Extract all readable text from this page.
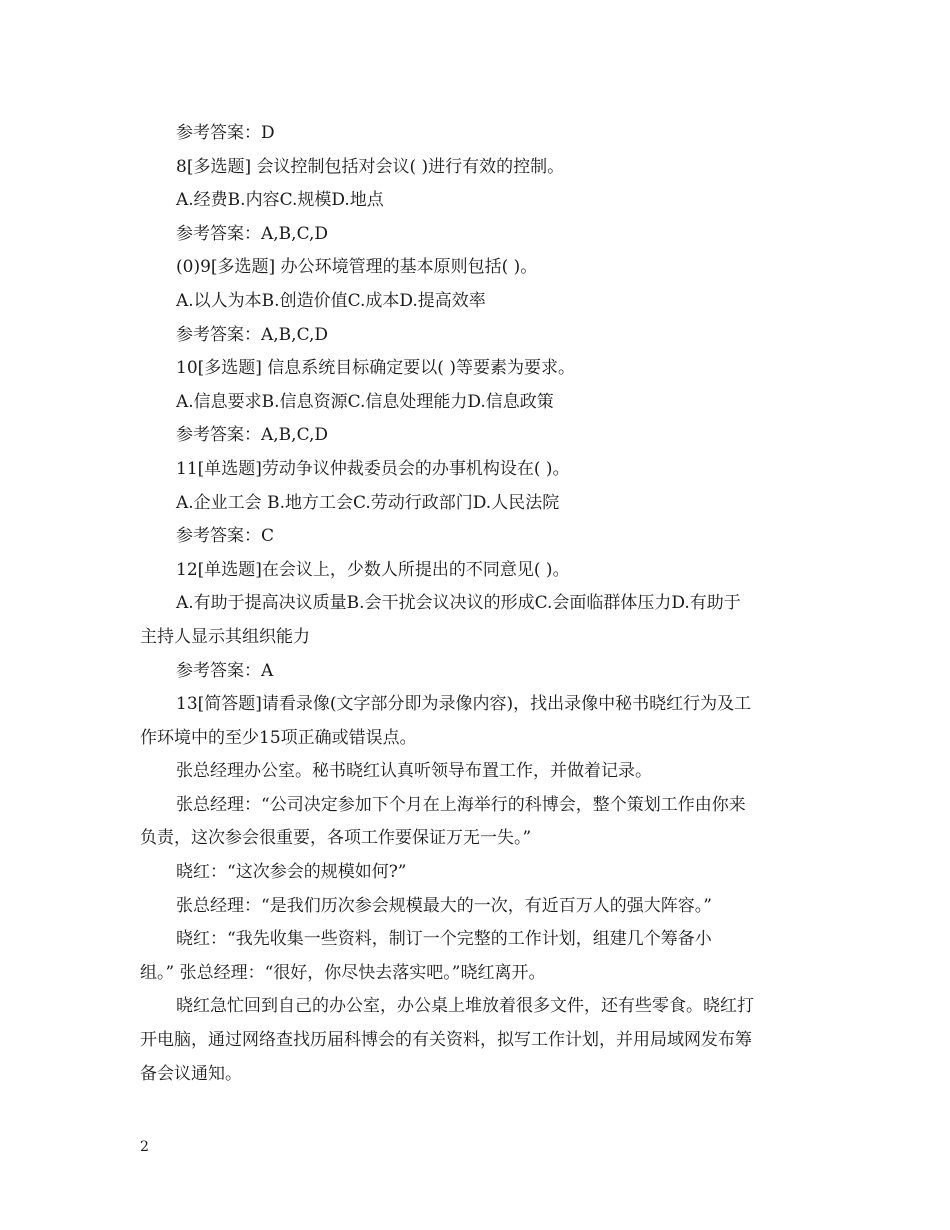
参考答案：D
8[多选题] 会议控制包括对会议( )进行有效的控制。
A.经费B.内容C.规模D.地点
参考答案：A,B,C,D
(0)9[多选题] 办公环境管理的基本原则包括( )。
A.以人为本B.创造价值C.成本D.提高效率
参考答案：A,B,C,D
10[多选题] 信息系统目标确定要以( )等要素为要求。
A.信息要求B.信息资源C.信息处理能力D.信息政策
参考答案：A,B,C,D
11[单选题]劳动争议仲裁委员会的办事机构设在( )。
A.企业工会 B.地方工会C.劳动行政部门D.人民法院
参考答案：C
12[单选题]在会议上，少数人所提出的不同意见( )。
A.有助于提高决议质量B.会干扰会议决议的形成C.会面临群体压力D.有助于
主持人显示其组织能力
参考答案：A
13[简答题]请看录像(文字部分即为录像内容)，找出录像中秘书晓红行为及工
作环境中的至少15项正确或错误点。
张总经理办公室。秘书晓红认真听领导布置工作，并做着记录。
张总经理：“公司决定参加下个月在上海举行的科博会，整个策划工作由你来
负责，这次参会很重要，各项工作要保证万无一失。”
晓红：“这次参会的规模如何?”
张总经理：“是我们历次参会规模最大的一次，有近百万人的强大阵容。”
晓红：“我先收集一些资料，制订一个完整的工作计划，组建几个筹备小
组。” 张总经理：“很好，你尽快去落实吧。”晓红离开。
晓红急忙回到自己的办公室，办公桌上堆放着很多文件，还有些零食。晓红打
开电脑，通过网络查找历届科博会的有关资料，拟写工作计划，并用局域网发布筹
备会议通知。
2
